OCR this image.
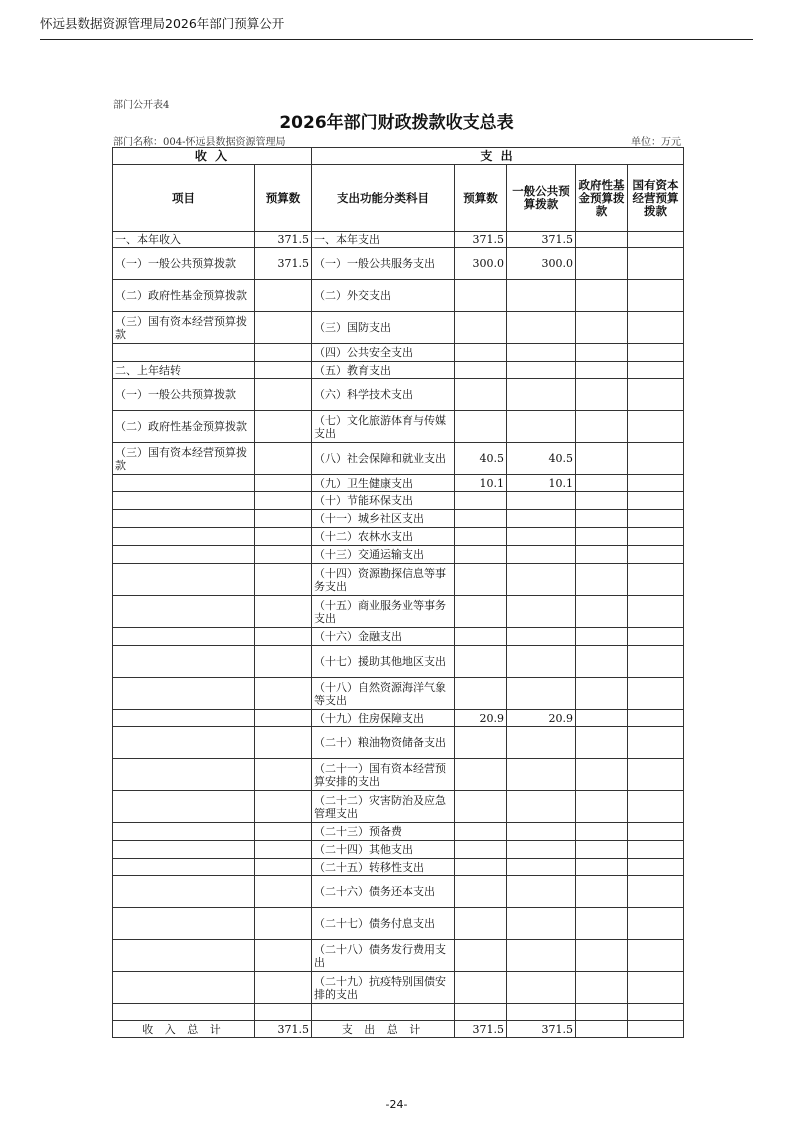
怀远县数据资源管理局2026年部门预算公开
部门公开表4
2026年部门财政拨款收支总表
部门名称：004-怀远县数据资源管理局	单位：万元
收 入		支 出				
项目	预算数	支出功能分类科目	预算数	一般公共预算拨款	政府性基金预算拨款	国有资本经营预算拨款
一、本年收入	371.5	一、本年支出	371.5	371.5		
（一）一般公共预算拨款	371.5	（一）一般公共服务支出	300.0	300.0		
（二）政府性基金预算拨款		（二）外交支出				
（三）国有资本经营预算拨款		（三）国防支出				
		（四）公共安全支出				
二、上年结转		（五）教育支出				
（一）一般公共预算拨款		（六）科学技术支出				
（二）政府性基金预算拨款		（七）文化旅游体育与传媒支出				
（三）国有资本经营预算拨款		（八）社会保障和就业支出	40.5	40.5		
		（九）卫生健康支出	10.1	10.1		
		（十）节能环保支出				
		（十一）城乡社区支出				
		（十二）农林水支出				
		（十三）交通运输支出				
		（十四）资源勘探信息等事务支出				
		（十五）商业服务业等事务支出				
		（十六）金融支出				
		（十七）援助其他地区支出				
		（十八）自然资源海洋气象等支出				
		（十九）住房保障支出	20.9	20.9		
		（二十）粮油物资储备支出				
		（二十一）国有资本经营预算安排的支出				
		（二十二）灾害防治及应急管理支出				
		（二十三）预备费				
		（二十四）其他支出				
		（二十五）转移性支出				
		（二十六）债务还本支出				
		（二十七）债务付息支出				
		（二十八）债务发行费用支出				
		（二十九）抗疫特别国债安排的支出				

收 入 总 计	371.5	支 出 总 计	371.5	371.5		
-24-
